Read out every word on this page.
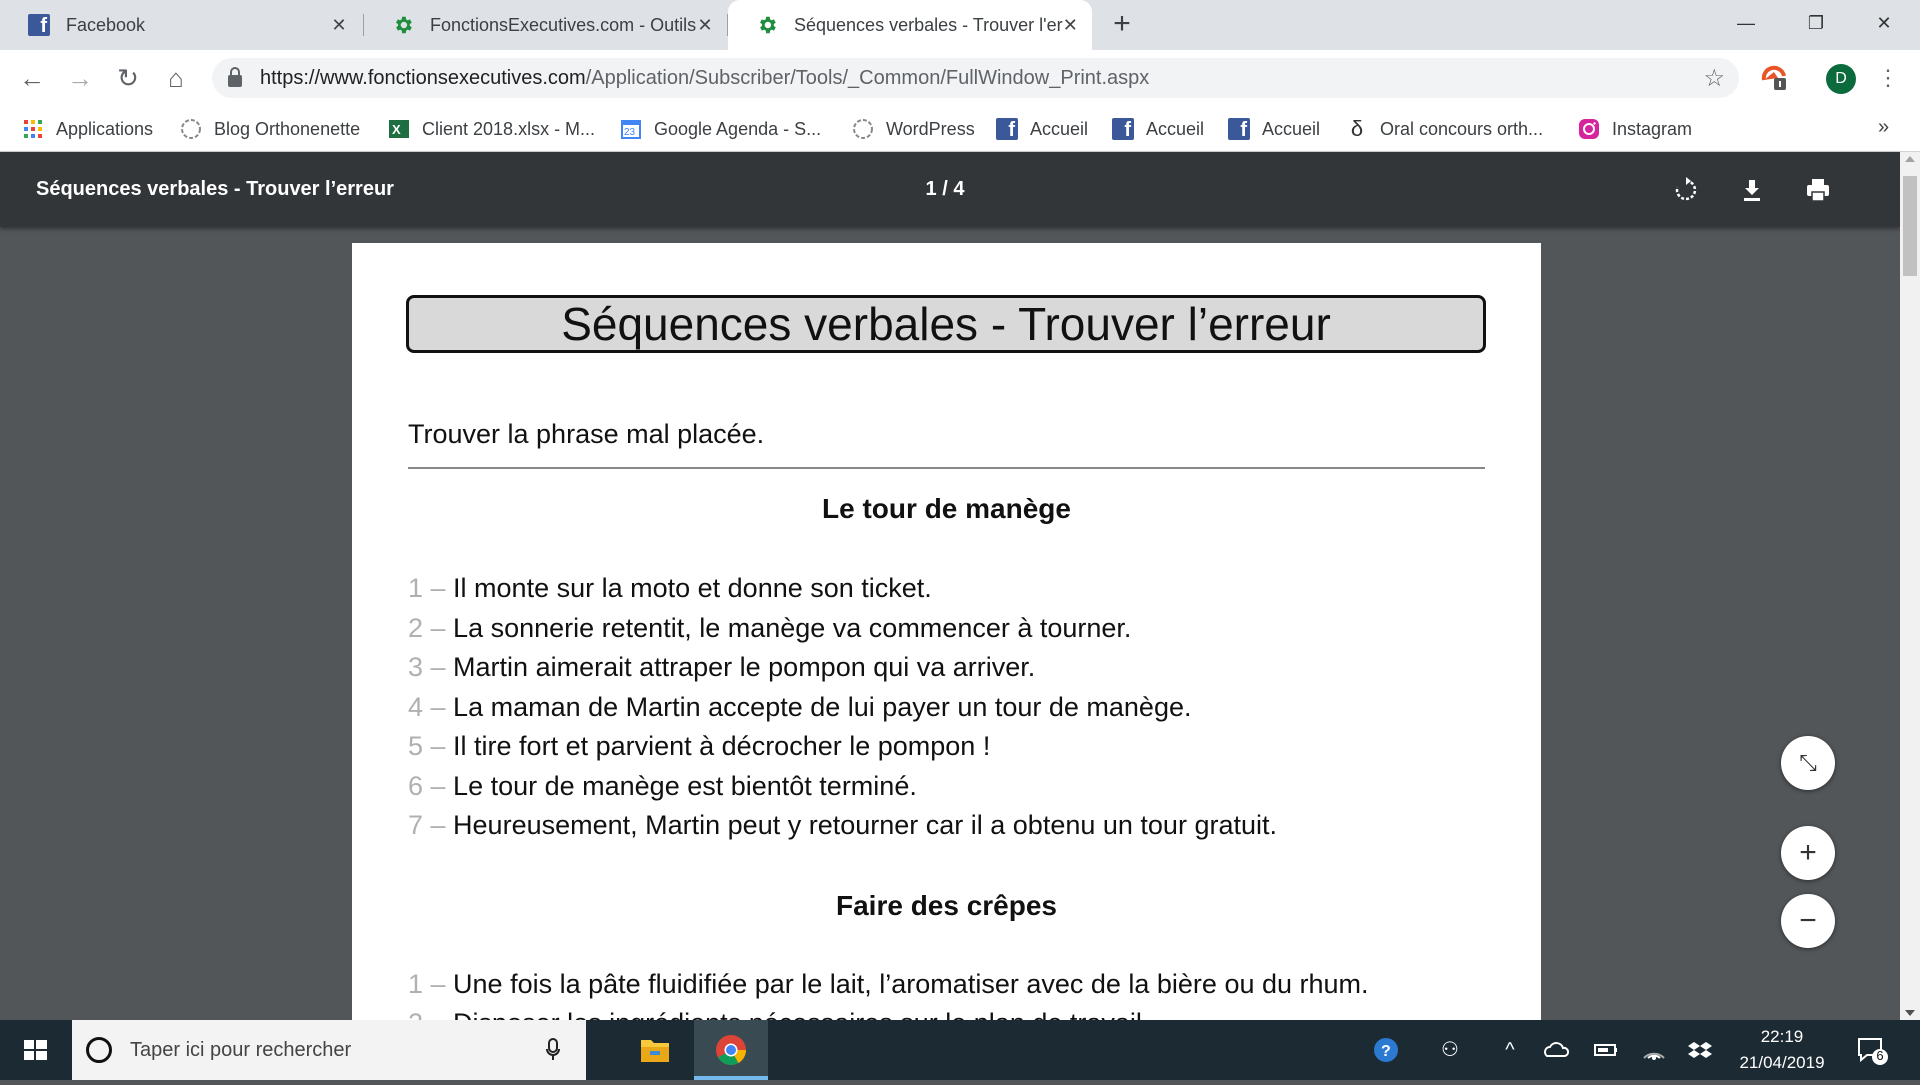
f Facebook	✕	FonctionsExecutives.com - Outils ✕	Séquences verbales - Trouver l'er ✕ +	—	❐	✕
← → ↻	⌂	https://www.fonctionsexecutives.com/Application/Subscriber/Tools/_Common/FullWindow_Print.aspx	☆	D	⋮
Applications	Blog Orthonenette X Client 2018.xlsx - M...	23 Google Agenda - S...	WordPress	f Accueil	f Accueil	f Accueil δ Oral concours orth...	Instagram	»
Séquences verbales - Trouver l’erreur	1 / 4
Séquences verbales - Trouver l’erreur
Trouver la phrase mal placée.
Le tour de manège
1 – Il monte sur la moto et donne son ticket.
2 – La sonnerie retentit, le manège va commencer à tourner.
3 – Martin aimerait attraper le pompon qui va arriver.
4 – La maman de Martin accepte de lui payer un tour de manège.
5 – Il tire fort et parvient à décrocher le pompon !
6 – Le tour de manège est bientôt terminé.
7 – Heureusement, Martin peut y retourner car il a obtenu un tour gratuit.
Faire des crêpes
1 – Une fois la pâte fluidifiée par le lait, l’aromatiser avec de la bière ou du rhum.
⤡
+
−
Taper ici pour rechercher	?	⚇	^
22:19
21/04/2019	6
